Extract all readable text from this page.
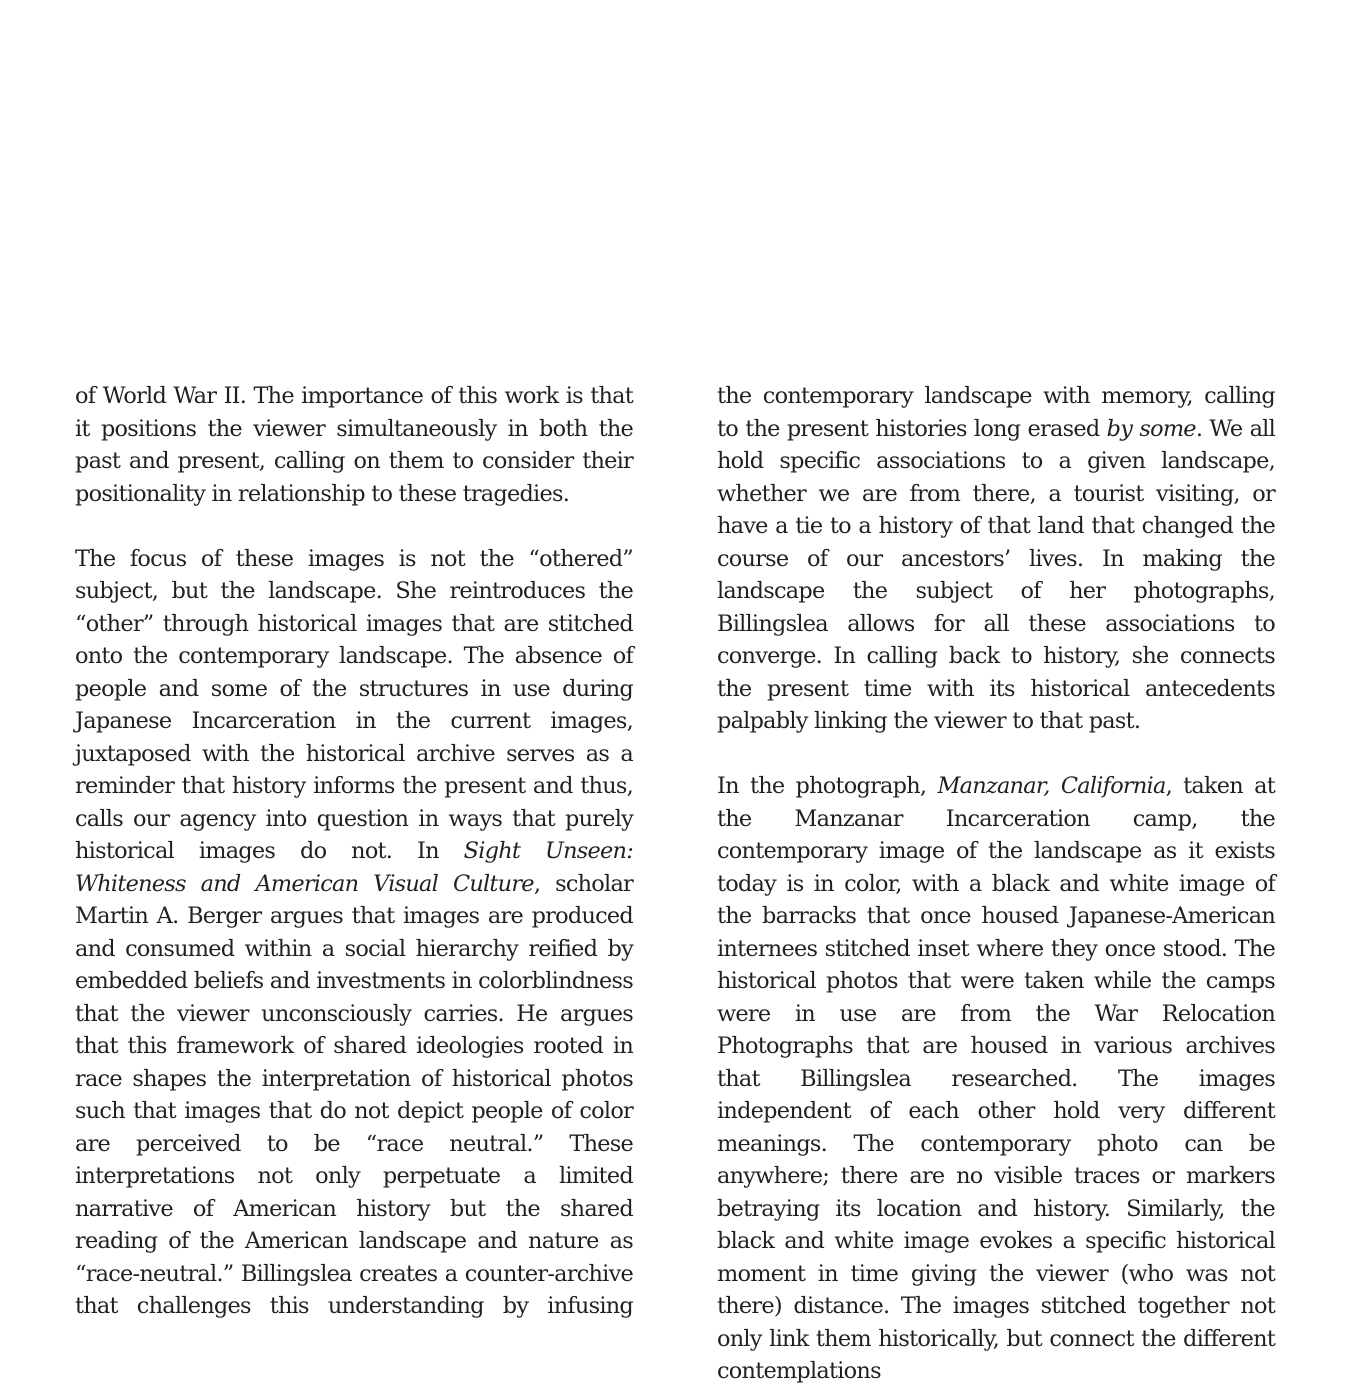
of World War II. The importance of this work is that it positions the viewer simultaneously in both the past and present, calling on them to consider their positionality in relationship to these tragedies.

The focus of these images is not the “othered” subject, but the landscape. She reintroduces the “other” through historical images that are stitched onto the contemporary landscape. The absence of people and some of the structures in use during Japanese Incarceration in the current images, juxtaposed with the historical archive serves as a reminder that history informs the present and thus, calls our agency into question in ways that purely historical images do not. In Sight Unseen: Whiteness and American Visual Culture, scholar Martin A. Berger argues that images are produced and consumed within a social hierarchy reified by embedded beliefs and investments in colorblindness that the viewer unconsciously carries. He argues that this framework of shared ideologies rooted in race shapes the interpretation of historical photos such that images that do not depict people of color are perceived to be “race neutral.” These interpretations not only perpetuate a limited narrative of American history but the shared reading of the American landscape and nature as “race-neutral.” Billingslea creates a counter-archive that challenges this understanding by infusing

the contemporary landscape with memory, calling to the present histories long erased by some. We all hold specific associations to a given landscape, whether we are from there, a tourist visiting, or have a tie to a history of that land that changed the course of our ancestors’ lives. In making the landscape the subject of her photographs, Billingslea allows for all these associations to converge. In calling back to history, she connects the present time with its historical antecedents palpably linking the viewer to that past.

In the photograph, Manzanar, California, taken at the Manzanar Incarceration camp, the contemporary image of the landscape as it exists today is in color, with a black and white image of the barracks that once housed Japanese-American internees stitched inset where they once stood. The historical photos that were taken while the camps were in use are from the War Relocation Photographs that are housed in various archives that Billingslea researched. The images independent of each other hold very different meanings. The contemporary photo can be anywhere; there are no visible traces or markers betraying its location and history. Similarly, the black and white image evokes a specific historical moment in time giving the viewer (who was not there) distance. The images stitched together not only link them historically, but connect the different contemplations
